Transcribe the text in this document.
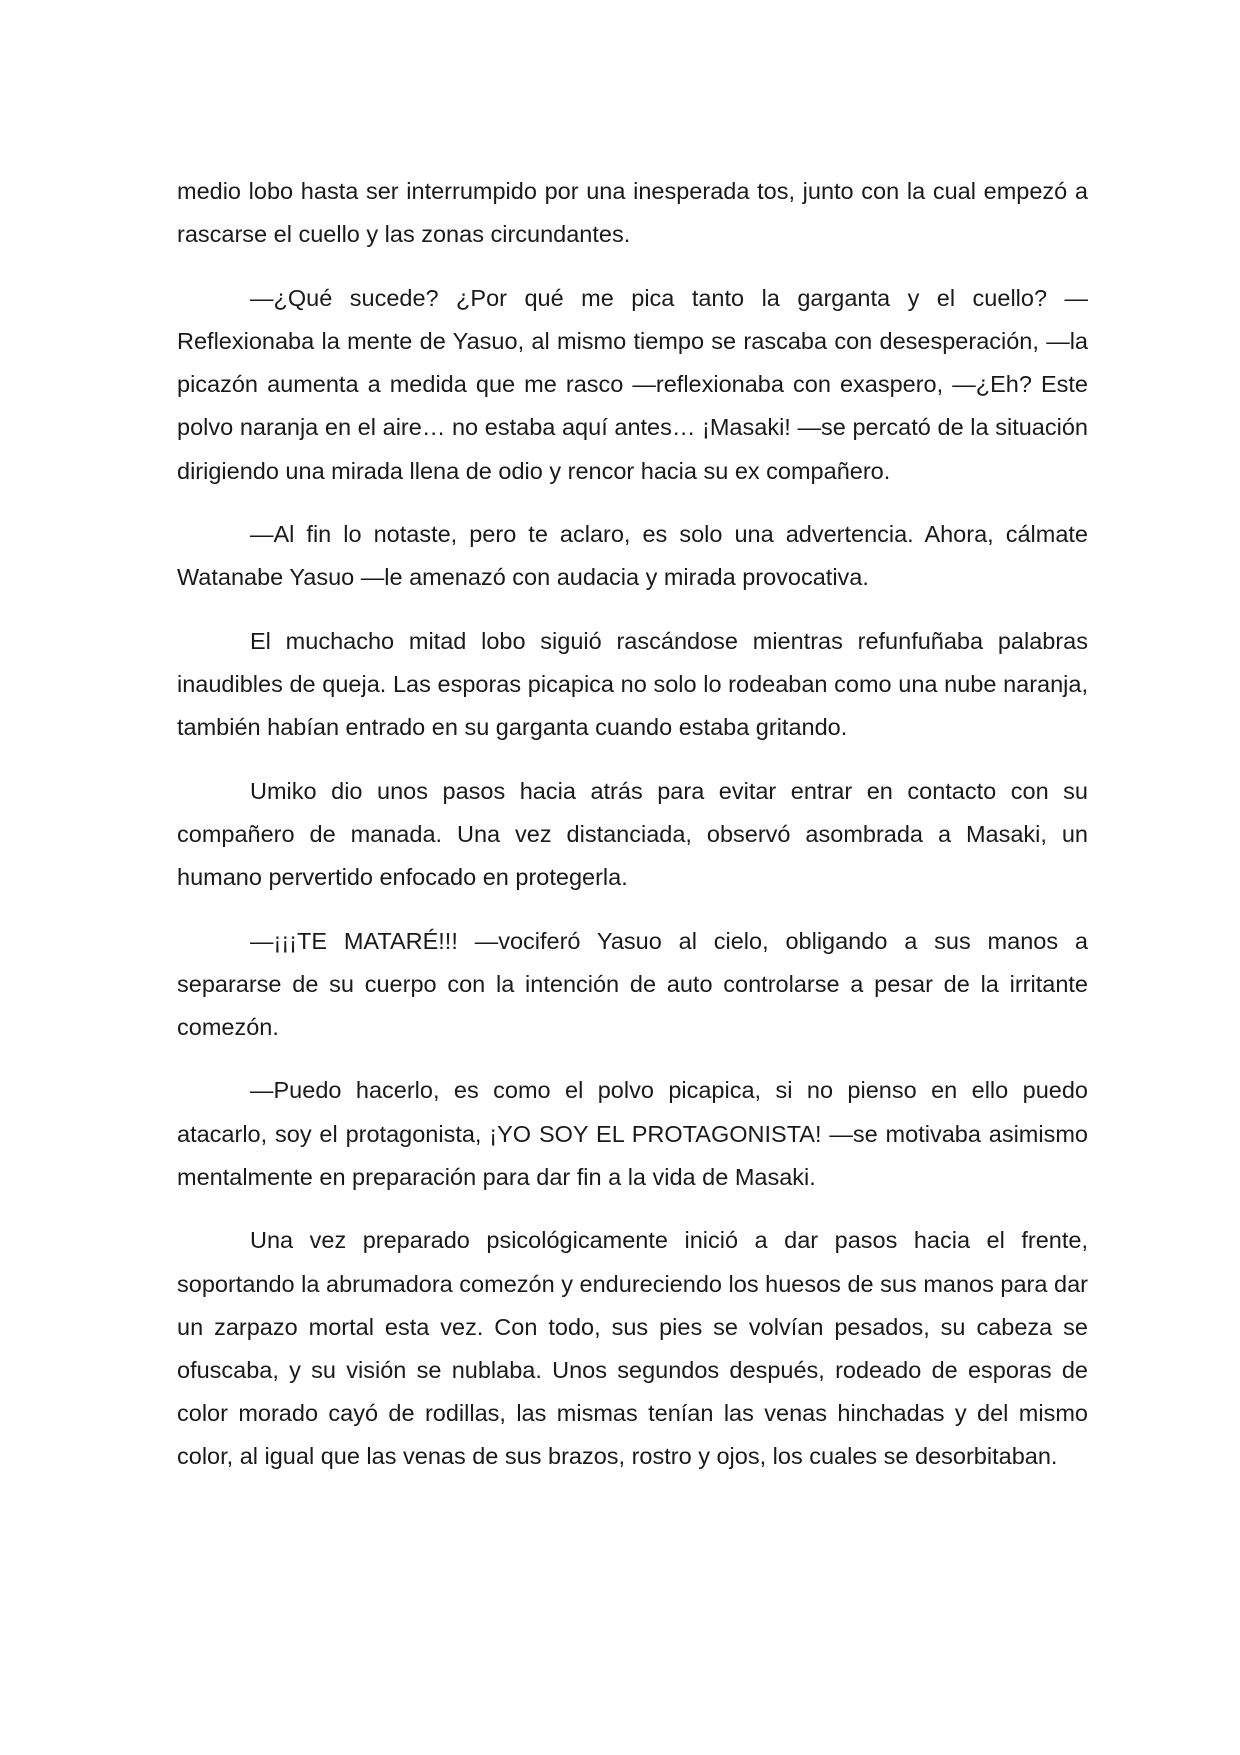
medio lobo hasta ser interrumpido por una inesperada tos, junto con la cual empezó a rascarse el cuello y las zonas circundantes.

—¿Qué sucede? ¿Por qué me pica tanto la garganta y el cuello? —Reflexionaba la mente de Yasuo, al mismo tiempo se rascaba con desesperación, —la picazón aumenta a medida que me rasco —reflexionaba con exaspero, —¿Eh? Este polvo naranja en el aire… no estaba aquí antes… ¡Masaki! —se percató de la situación dirigiendo una mirada llena de odio y rencor hacia su ex compañero.

—Al fin lo notaste, pero te aclaro, es solo una advertencia. Ahora, cálmate Watanabe Yasuo —le amenazó con audacia y mirada provocativa.

El muchacho mitad lobo siguió rascándose mientras refunfuñaba palabras inaudibles de queja. Las esporas picapica no solo lo rodeaban como una nube naranja, también habían entrado en su garganta cuando estaba gritando.

Umiko dio unos pasos hacia atrás para evitar entrar en contacto con su compañero de manada. Una vez distanciada, observó asombrada a Masaki, un humano pervertido enfocado en protegerla.

—¡¡¡TE MATARÉ!!! —vociferó Yasuo al cielo, obligando a sus manos a separarse de su cuerpo con la intención de auto controlarse a pesar de la irritante comezón.

—Puedo hacerlo, es como el polvo picapica, si no pienso en ello puedo atacarlo, soy el protagonista, ¡YO SOY EL PROTAGONISTA! —se motivaba asimismo mentalmente en preparación para dar fin a la vida de Masaki.

Una vez preparado psicológicamente inició a dar pasos hacia el frente, soportando la abrumadora comezón y endureciendo los huesos de sus manos para dar un zarpazo mortal esta vez. Con todo, sus pies se volvían pesados, su cabeza se ofuscaba, y su visión se nublaba. Unos segundos después, rodeado de esporas de color morado cayó de rodillas, las mismas tenían las venas hinchadas y del mismo color, al igual que las venas de sus brazos, rostro y ojos, los cuales se desorbitaban.
